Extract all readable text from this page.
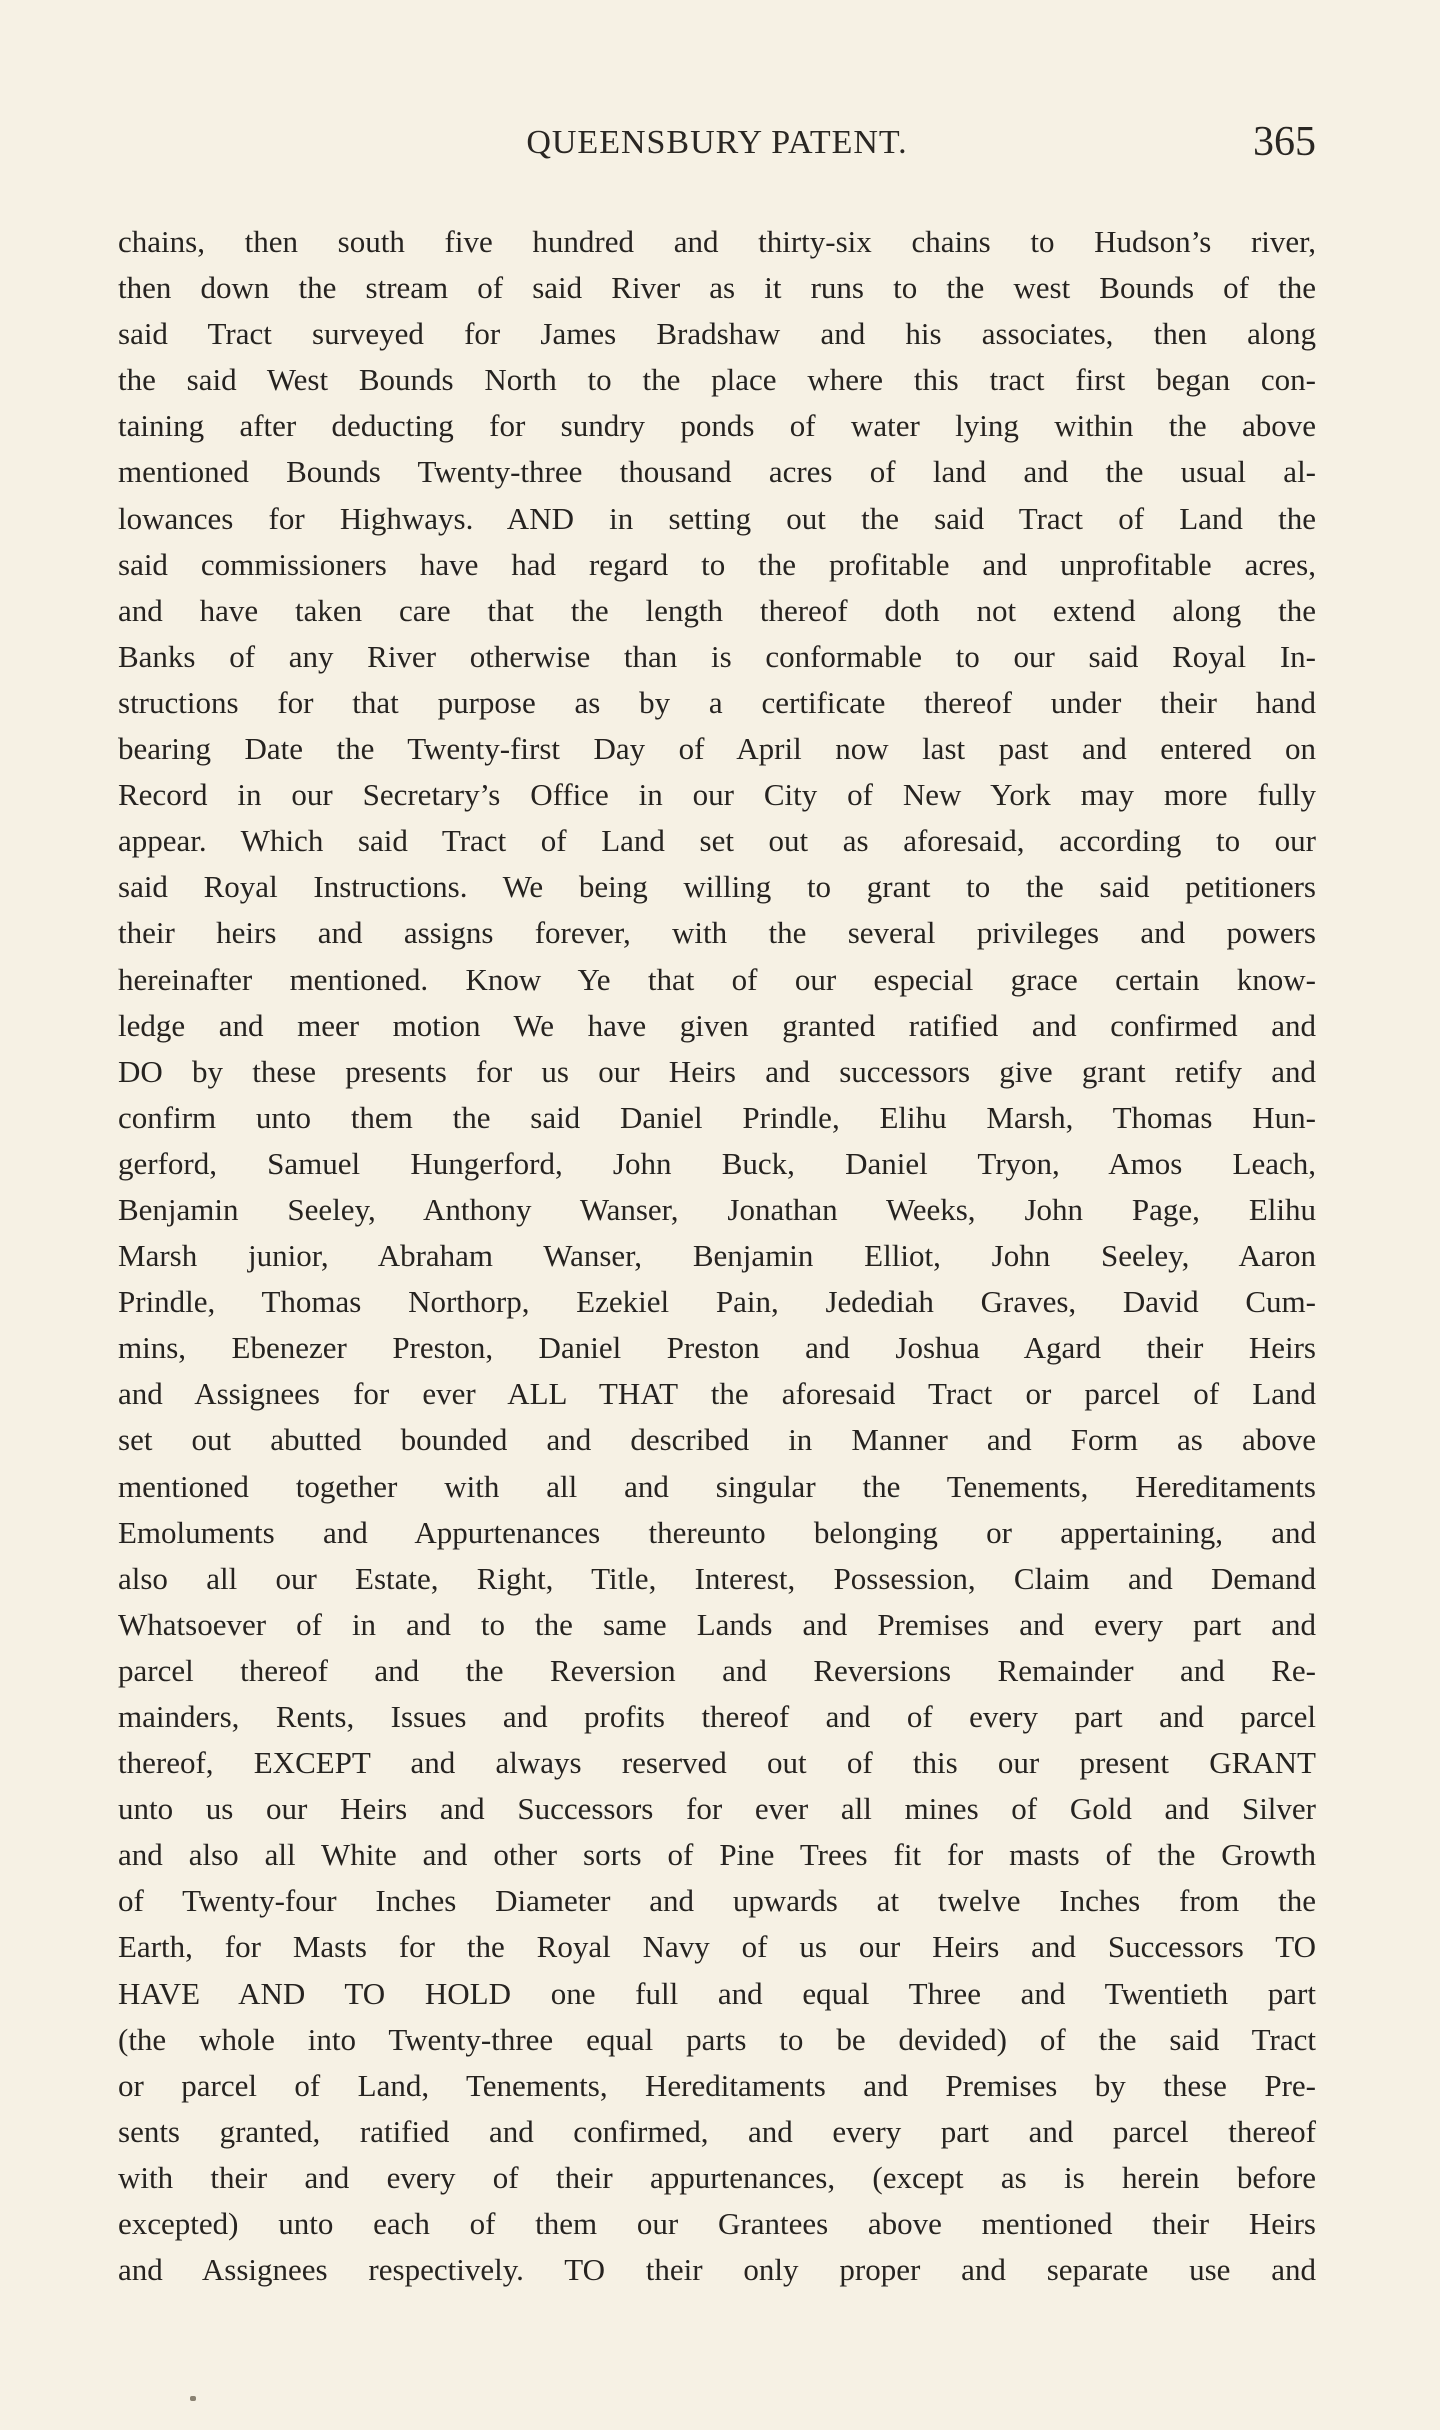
QUEENSBURY PATENT.	365
chains, then south five hundred and thirty-six chains to Hudson’s river,
then down the stream of said River as it runs to the west Bounds of the
said Tract surveyed for James Bradshaw and his associates, then along
the said West Bounds North to the place where this tract first began con-
taining after deducting for sundry ponds of water lying within the above
mentioned Bounds Twenty-three thousand acres of land and the usual al-
lowances for Highways. AND in setting out the said Tract of Land the
said commissioners have had regard to the profitable and unprofitable acres,
and have taken care that the length thereof doth not extend along the
Banks of any River otherwise than is conformable to our said Royal In-
structions for that purpose as by a certificate thereof under their hand
bearing Date the Twenty-first Day of April now last past and entered on
Record in our Secretary’s Office in our City of New York may more fully
appear. Which said Tract of Land set out as aforesaid, according to our
said Royal Instructions. We being willing to grant to the said petitioners
their heirs and assigns forever, with the several privileges and powers
hereinafter mentioned. Know Ye that of our especial grace certain know-
ledge and meer motion We have given granted ratified and confirmed and
DO by these presents for us our Heirs and successors give grant retify and
confirm unto them the said Daniel Prindle, Elihu Marsh, Thomas Hun-
gerford, Samuel Hungerford, John Buck, Daniel Tryon, Amos Leach,
Benjamin Seeley, Anthony Wanser, Jonathan Weeks, John Page, Elihu
Marsh junior, Abraham Wanser, Benjamin Elliot, John Seeley, Aaron
Prindle, Thomas Northorp, Ezekiel Pain, Jedediah Graves, David Cum-
mins, Ebenezer Preston, Daniel Preston and Joshua Agard their Heirs
and Assignees for ever ALL THAT the aforesaid Tract or parcel of Land
set out abutted bounded and described in Manner and Form as above
mentioned together with all and singular the Tenements, Hereditaments
Emoluments and Appurtenances thereunto belonging or appertaining, and
also all our Estate, Right, Title, Interest, Possession, Claim and Demand
Whatsoever of in and to the same Lands and Premises and every part and
parcel thereof and the Reversion and Reversions Remainder and Re-
mainders, Rents, Issues and profits thereof and of every part and parcel
thereof, EXCEPT and always reserved out of this our present GRANT
unto us our Heirs and Successors for ever all mines of Gold and Silver
and also all White and other sorts of Pine Trees fit for masts of the Growth
of Twenty-four Inches Diameter and upwards at twelve Inches from the
Earth, for Masts for the Royal Navy of us our Heirs and Successors TO
HAVE AND TO HOLD one full and equal Three and Twentieth part
(the whole into Twenty-three equal parts to be devided) of the said Tract
or parcel of Land, Tenements, Hereditaments and Premises by these Pre-
sents granted, ratified and confirmed, and every part and parcel thereof
with their and every of their appurtenances, (except as is herein before
excepted) unto each of them our Grantees above mentioned their Heirs
and Assignees respectively. TO their only proper and separate use and
